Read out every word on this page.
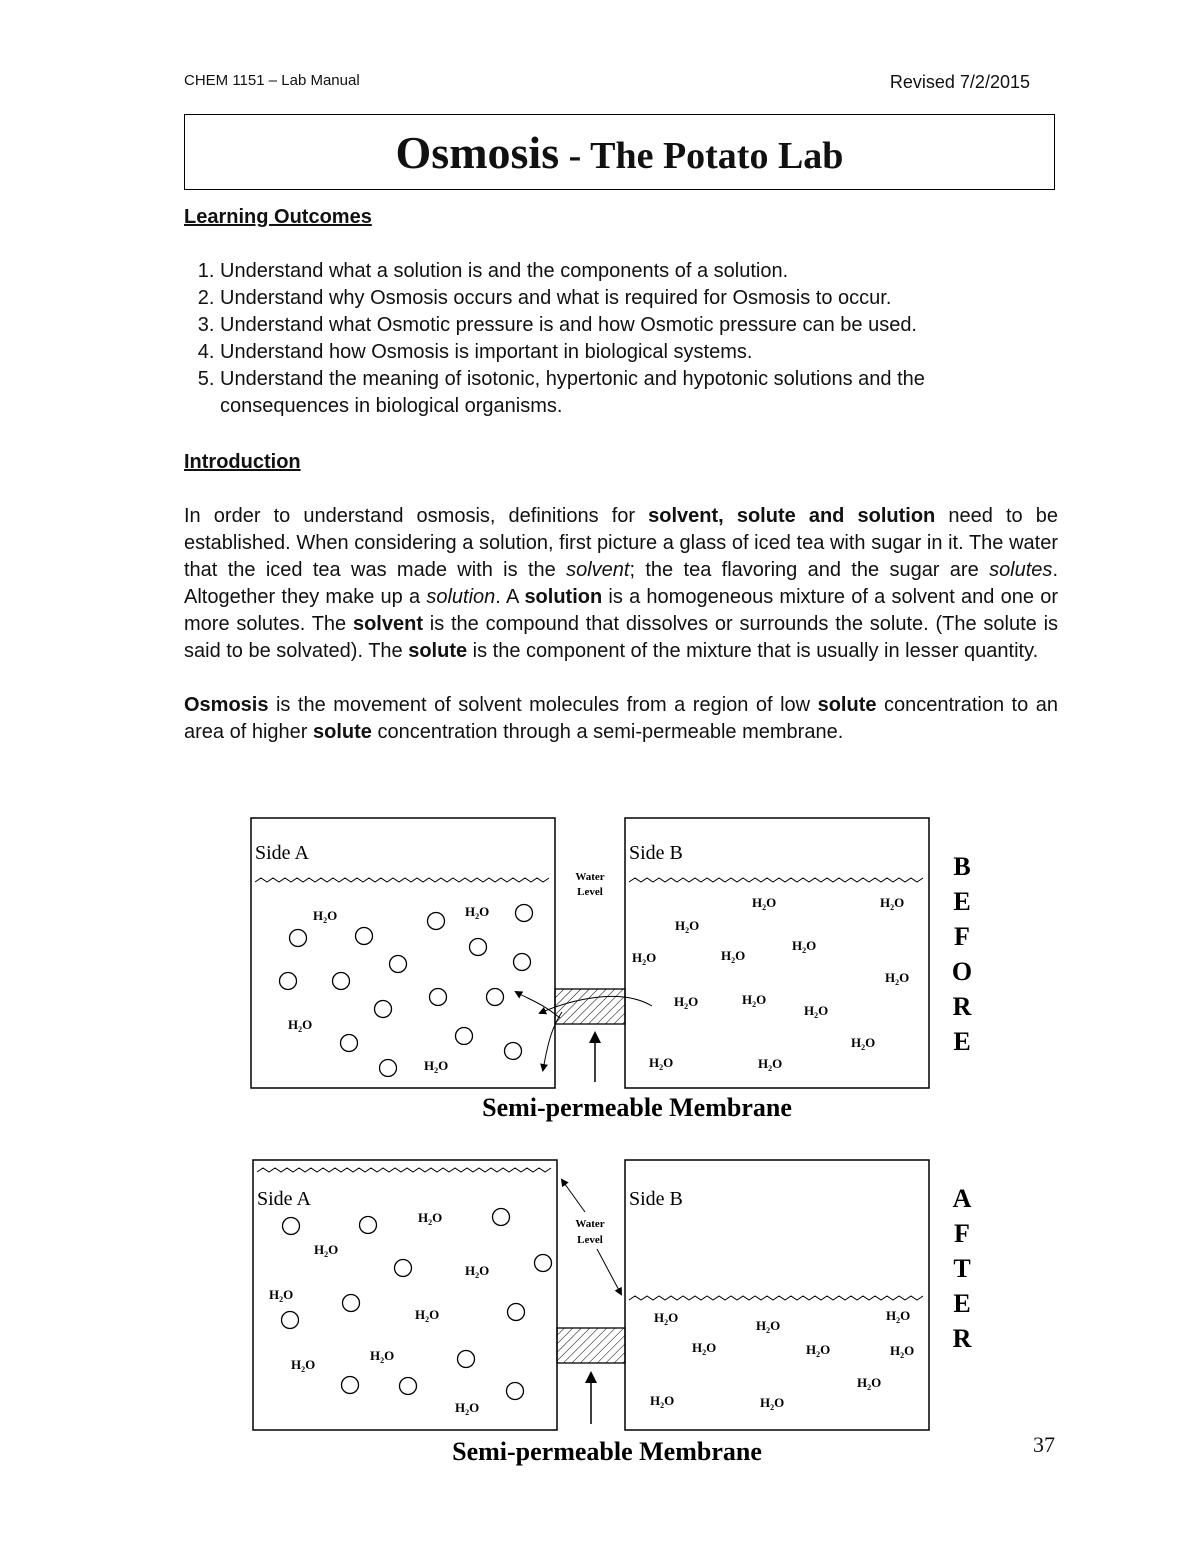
CHEM 1151 – Lab Manual	Revised 7/2/2015
Osmosis - The Potato Lab
Learning Outcomes
1. Understand what a solution is and the components of a solution.
2. Understand why Osmosis occurs and what is required for Osmosis to occur.
3. Understand what Osmotic pressure is and how Osmotic pressure can be used.
4. Understand how Osmosis is important in biological systems.
5. Understand the meaning of isotonic, hypertonic and hypotonic solutions and the consequences in biological organisms.
Introduction

In order to understand osmosis, definitions for solvent, solute and solution need to be established. When considering a solution, first picture a glass of iced tea with sugar in it. The water that the iced tea was made with is the solvent; the tea flavoring and the sugar are solutes. Altogether they make up a solution. A solution is a homogeneous mixture of a solvent and one or more solutes. The solvent is the compound that dissolves or surrounds the solute. (The solute is said to be solvated). The solute is the component of the mixture that is usually in lesser quantity.

Osmosis is the movement of solvent molecules from a region of low solute concentration to an area of higher solute concentration through a semi-permeable membrane.

Side A	Side B
Water
Level
$H_2O$	$H_2O$
$H_2O$
$H_2O$
$H_2O$
$H_2O$	$H_2O$
$H_2O$	$H_2O$
$H_2O$
$H_2O$
$H_2O$	$H_2O$
$H_2O$
$H_2O$
$H_2O$	$H_2O$
Semi-permeable Membrane
B
E
F
O
R
E
Side A	Side B
Water
Level
$H_2O$
$H_2O$
$H_2O$
$H_2O$
$H_2O$
$H_2O$
$H_2O$
$H_2O$
$H_2O$
$H_2O$
$H_2O$
$H_2O$	$H_2O$	$H_2O$
$H_2O$
$H_2O$	$H_2O$
Semi-permeable Membrane
A
F
T
E
R
37
